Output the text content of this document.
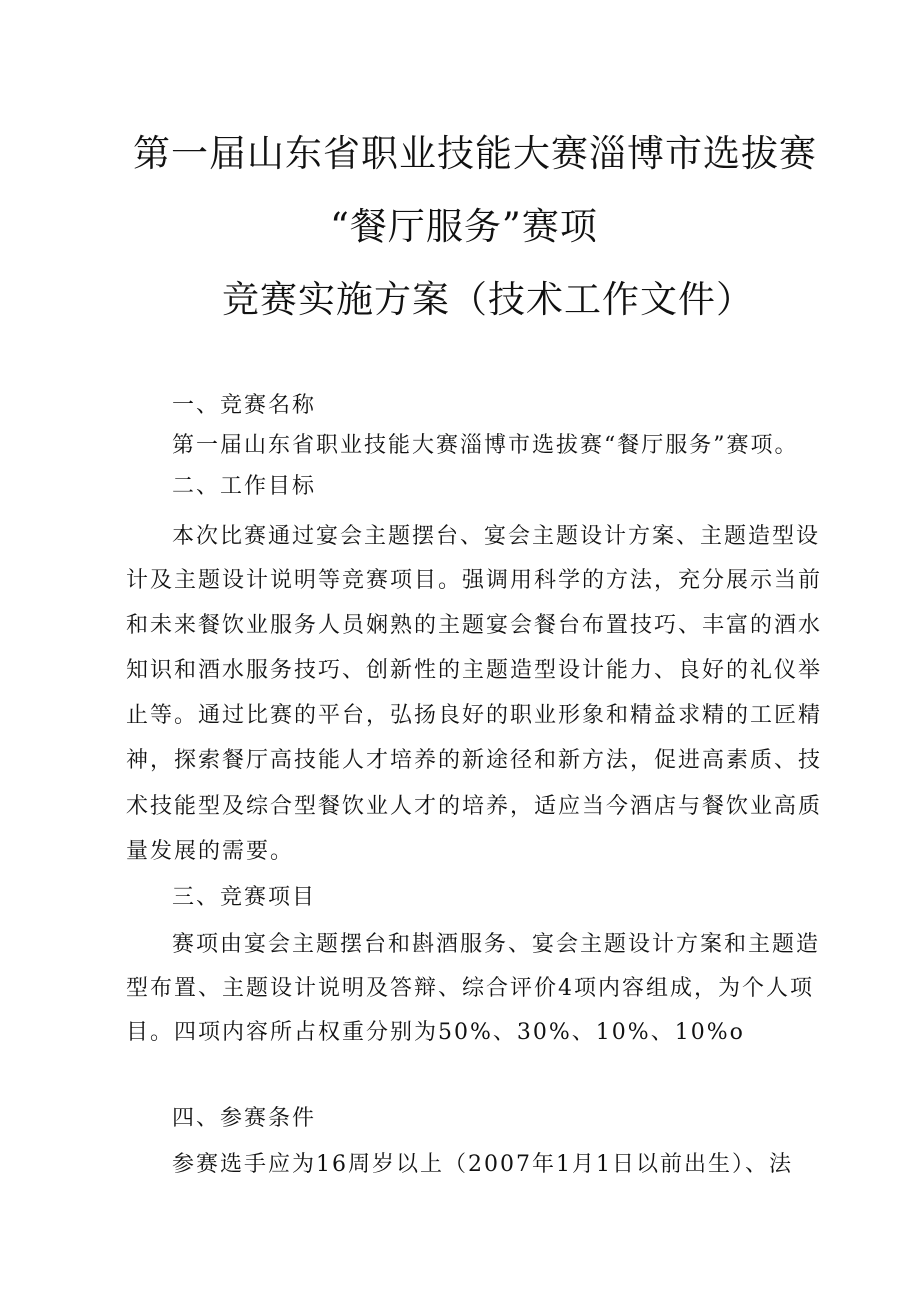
第一届山东省职业技能大赛淄博市选拔赛
“餐厅服务”赛项
竞赛实施方案（技术工作文件）
一、竞赛名称
第一届山东省职业技能大赛淄博市选拔赛“餐厅服务”赛项。
二、工作目标
本次比赛通过宴会主题摆台、宴会主题设计方案、主题造型设
计及主题设计说明等竞赛项目。强调用科学的方法，充分展示当前
和未来餐饮业服务人员娴熟的主题宴会餐台布置技巧、丰富的酒水
知识和酒水服务技巧、创新性的主题造型设计能力、良好的礼仪举
止等。通过比赛的平台，弘扬良好的职业形象和精益求精的工匠精
神，探索餐厅高技能人才培养的新途径和新方法，促进高素质、技
术技能型及综合型餐饮业人才的培养，适应当今酒店与餐饮业高质
量发展的需要。
三、竞赛项目
赛项由宴会主题摆台和斟酒服务、宴会主题设计方案和主题造
型布置、主题设计说明及答辩、综合评价4项内容组成，为个人项
目。四项内容所占权重分别为50%、30%、10%、10%o
四、参赛条件
参赛选手应为16周岁以上（2007年1月1日以前出生）、法
